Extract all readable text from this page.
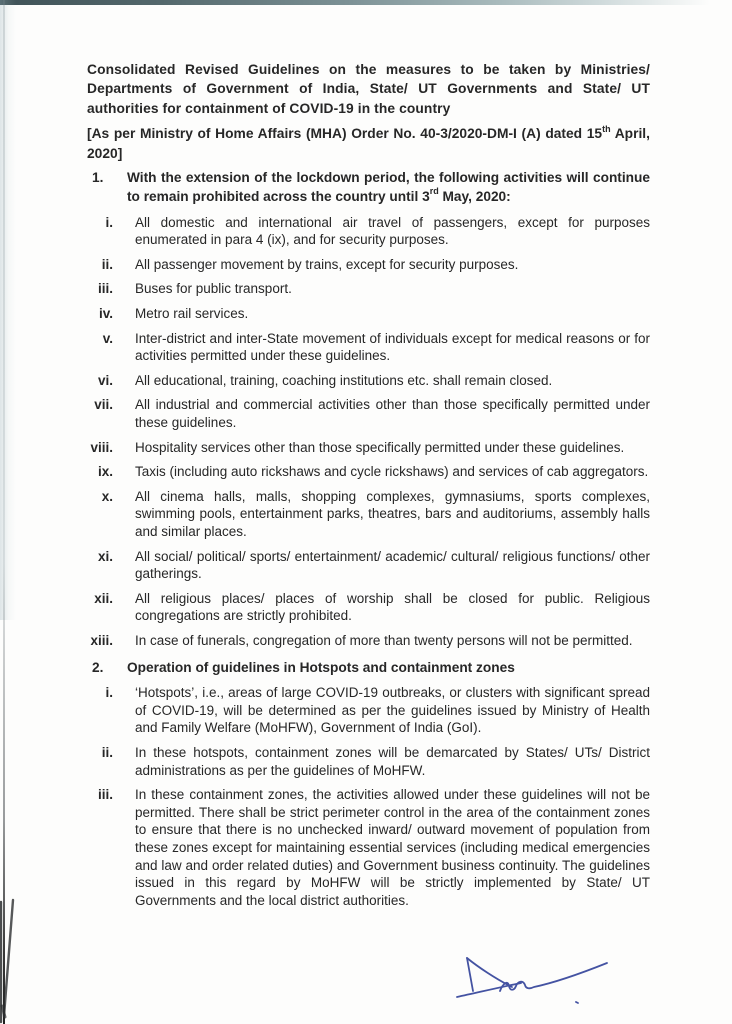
Consolidated Revised Guidelines on the measures to be taken by Ministries/ Departments of Government of India, State/ UT Governments and State/ UT authorities for containment of COVID-19 in the country
[As per Ministry of Home Affairs (MHA) Order No. 40-3/2020-DM-I (A) dated 15th April, 2020]
1.	With the extension of the lockdown period, the following activities will continue to remain prohibited across the country until 3rd May, 2020:
i.	All domestic and international air travel of passengers, except for purposes enumerated in para 4 (ix), and for security purposes.
ii.	All passenger movement by trains, except for security purposes.
iii.	Buses for public transport.
iv.	Metro rail services.
v.	Inter-district and inter-State movement of individuals except for medical reasons or for activities permitted under these guidelines.
vi.	All educational, training, coaching institutions etc. shall remain closed.
vii.	All industrial and commercial activities other than those specifically permitted under these guidelines.
viii.	Hospitality services other than those specifically permitted under these guidelines.
ix.	Taxis (including auto rickshaws and cycle rickshaws) and services of cab aggregators.
x.	All cinema halls, malls, shopping complexes, gymnasiums, sports complexes, swimming pools, entertainment parks, theatres, bars and auditoriums, assembly halls and similar places.
xi.	All social/ political/ sports/ entertainment/ academic/ cultural/ religious functions/ other gatherings.
xii.	All religious places/ places of worship shall be closed for public. Religious congregations are strictly prohibited.
xiii.	In case of funerals, congregation of more than twenty persons will not be permitted.
2.	Operation of guidelines in Hotspots and containment zones
i.	‘Hotspots’, i.e., areas of large COVID-19 outbreaks, or clusters with significant spread of COVID-19, will be determined as per the guidelines issued by Ministry of Health and Family Welfare (MoHFW), Government of India (GoI).
ii.	In these hotspots, containment zones will be demarcated by States/ UTs/ District administrations as per the guidelines of MoHFW.
iii.	In these containment zones, the activities allowed under these guidelines will not be permitted. There shall be strict perimeter control in the area of the containment zones to ensure that there is no unchecked inward/ outward movement of population from these zones except for maintaining essential services (including medical emergencies and law and order related duties) and Government business continuity. The guidelines issued in this regard by MoHFW will be strictly implemented by State/ UT Governments and the local district authorities.
